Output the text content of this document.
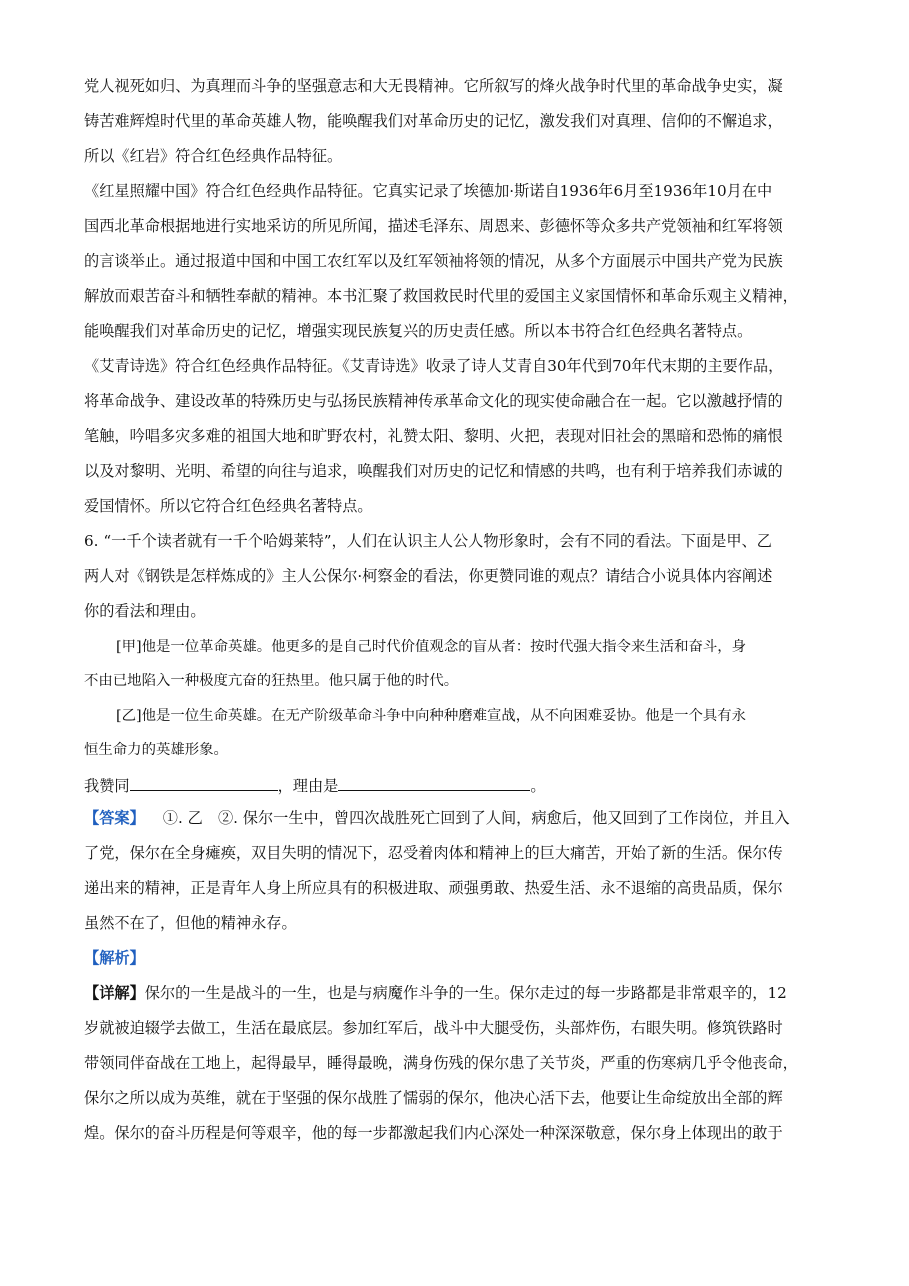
党人视死如归、为真理而斗争的坚强意志和大无畏精神。它所叙写的烽火战争时代里的革命战争史实，凝
铸苦难辉煌时代里的革命英雄人物，能唤醒我们对革命历史的记忆，激发我们对真理、信仰的不懈追求，
所以《红岩》符合红色经典作品特征。
《红星照耀中国》符合红色经典作品特征。它真实记录了埃德加·斯诺自1936年6月至1936年10月在中
国西北革命根据地进行实地采访的所见所闻，描述毛泽东、周恩来、彭德怀等众多共产党领袖和红军将领
的言谈举止。通过报道中国和中国工农红军以及红军领袖将领的情况，从多个方面展示中国共产党为民族
解放而艰苦奋斗和牺牲奉献的精神。本书汇聚了救国救民时代里的爱国主义家国情怀和革命乐观主义精神，
能唤醒我们对革命历史的记忆，增强实现民族复兴的历史责任感。所以本书符合红色经典名著特点。
《艾青诗选》符合红色经典作品特征。《艾青诗选》收录了诗人艾青自30年代到70年代末期的主要作品，
将革命战争、建设改革的特殊历史与弘扬民族精神传承革命文化的现实使命融合在一起。它以激越抒情的
笔触，吟唱多灾多难的祖国大地和旷野农村，礼赞太阳、黎明、火把，表现对旧社会的黑暗和恐怖的痛恨
以及对黎明、光明、希望的向往与追求，唤醒我们对历史的记忆和情感的共鸣，也有利于培养我们赤诚的
爱国情怀。所以它符合红色经典名著特点。
6. “一千个读者就有一千个哈姆莱特”，人们在认识主人公人物形象时，会有不同的看法。下面是甲、乙
两人对《钢铁是怎样炼成的》主人公保尔·柯察金的看法，你更赞同谁的观点？请结合小说具体内容阐述
你的看法和理由。
[甲]他是一位革命英雄。他更多的是自己时代价值观念的盲从者：按时代强大指令来生活和奋斗，身
不由已地陷入一种极度亢奋的狂热里。他只属于他的时代。
[乙]他是一位生命英雄。在无产阶级革命斗争中向种种磨难宣战，从不向困难妥协。他是一个具有永
恒生命力的英雄形象。
我赞同	，理由是	。
【答案】 ①. 乙　②. 保尔一生中，曾四次战胜死亡回到了人间，病愈后，他又回到了工作岗位，并且入
了党，保尔在全身瘫痪，双目失明的情况下，忍受着肉体和精神上的巨大痛苦，开始了新的生活。保尔传
递出来的精神，正是青年人身上所应具有的积极进取、顽强勇敢、热爱生活、永不退缩的高贵品质，保尔
虽然不在了，但他的精神永存。
【解析】
【详解】保尔的一生是战斗的一生，也是与病魔作斗争的一生。保尔走过的每一步路都是非常艰辛的，12
岁就被迫辍学去做工，生活在最底层。参加红军后，战斗中大腿受伤，头部炸伤，右眼失明。修筑铁路时
带领同伴奋战在工地上，起得最早，睡得最晚，满身伤残的保尔患了关节炎，严重的伤寒病几乎令他丧命，
保尔之所以成为英维，就在于坚强的保尔战胜了懦弱的保尔，他决心活下去，他要让生命绽放出全部的辉
煌。保尔的奋斗历程是何等艰辛，他的每一步都激起我们内心深处一种深深敬意，保尔身上体现出的敢于
